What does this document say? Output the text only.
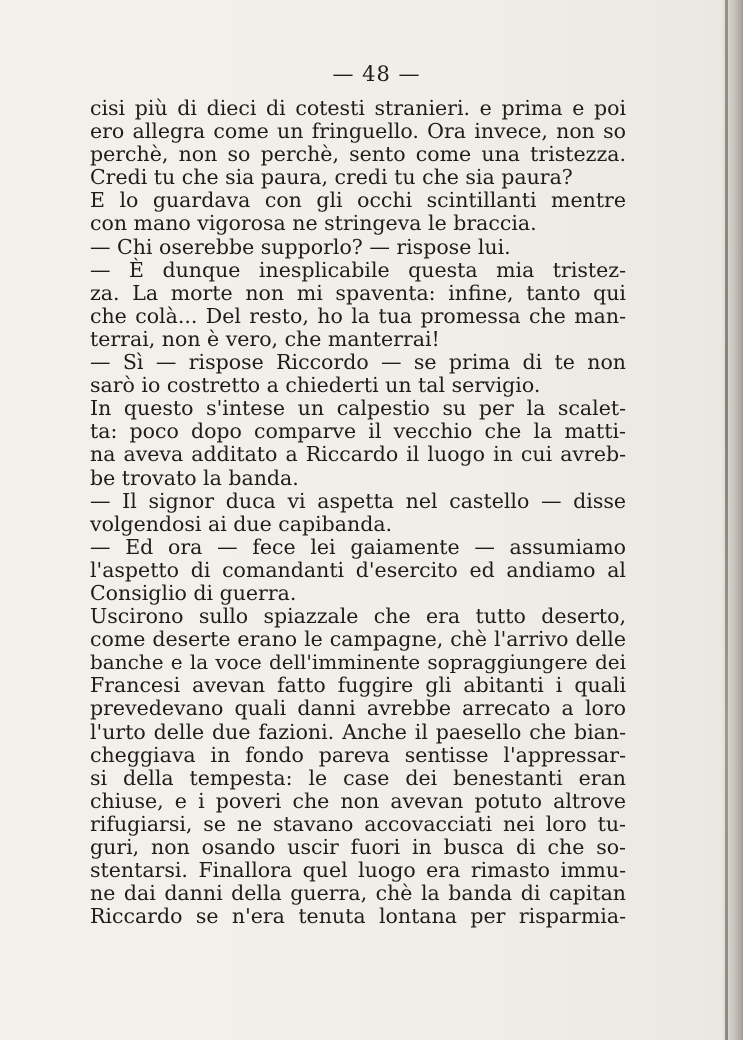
— 48 —
cisi più di dieci di cotesti stranieri. e prima e poi
ero allegra come un fringuello. Ora invece, non so
perchè, non so perchè, sento come una tristezza.
Credi tu che sia paura, credi tu che sia paura?
E lo guardava con gli occhi scintillanti mentre
con mano vigorosa ne stringeva le braccia.
— Chi oserebbe supporlo? — rispose lui.
— È dunque inesplicabile questa mia tristez-
za. La morte non mi spaventa: infine, tanto qui
che colà... Del resto, ho la tua promessa che man-
terrai, non è vero, che manterrai!
— Sì — rispose Riccordo — se prima di te non
sarò io costretto a chiederti un tal servigio.
In questo s'intese un calpestio su per la scalet-
ta: poco dopo comparve il vecchio che la matti-
na aveva additato a Riccardo il luogo in cui avreb-
be trovato la banda.
— Il signor duca vi aspetta nel castello — disse
volgendosi ai due capibanda.
— Ed ora — fece lei gaiamente — assumiamo
l'aspetto di comandanti d'esercito ed andiamo al
Consiglio di guerra.
Uscirono sullo spiazzale che era tutto deserto,
come deserte erano le campagne, chè l'arrivo delle
banche e la voce dell'imminente sopraggiungere dei
Francesi avevan fatto fuggire gli abitanti i quali
prevedevano quali danni avrebbe arrecato a loro
l'urto delle due fazioni. Anche il paesello che bian-
cheggiava in fondo pareva sentisse l'appressar-
si della tempesta: le case dei benestanti eran
chiuse, e i poveri che non avevan potuto altrove
rifugiarsi, se ne stavano accovacciati nei loro tu-
guri, non osando uscir fuori in busca di che so-
stentarsi. Finallora quel luogo era rimasto immu-
ne dai danni della guerra, chè la banda di capitan
Riccardo se n'era tenuta lontana per risparmia-
